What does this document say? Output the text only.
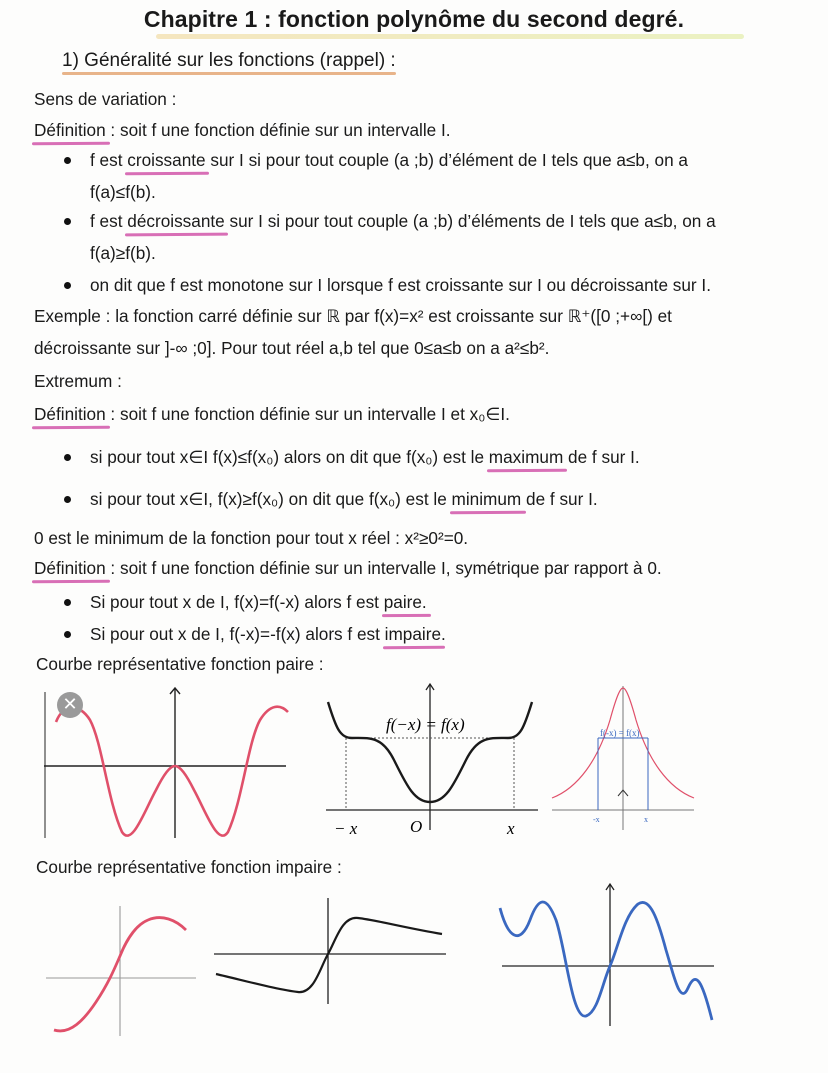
Chapitre 1 : fonction polynôme du second degré.
1) Généralité sur les fonctions (rappel) :
Sens de variation :
Définition : soit f une fonction définie sur un intervalle I.
f est croissante sur I si pour tout couple (a ;b) d’élément de I tels que a≤b, on a
f(a)≤f(b).
f est décroissante sur I si pour tout couple (a ;b) d’éléments de I tels que a≤b, on a
f(a)≥f(b).
on dit que f est monotone sur I lorsque f est croissante sur I ou décroissante sur I.
Exemple : la fonction carré définie sur ℝ par f(x)=x² est croissante sur ℝ⁺([0 ;+∞[) et
décroissante sur ]-∞ ;0]. Pour tout réel a,b tel que 0≤a≤b on a a²≤b².
Extremum :
Définition : soit f une fonction définie sur un intervalle I et x₀∈I.
si pour tout x∈I f(x)≤f(x₀) alors on dit que f(x₀) est le maximum de f sur I.
si pour tout x∈I, f(x)≥f(x₀) on dit que f(x₀) est le minimum de f sur I.
0 est le minimum de la fonction pour tout x réel : x²≥0²=0.
Définition : soit f une fonction définie sur un intervalle I, symétrique par rapport à 0.
Si pour tout x de I, f(x)=f(-x) alors f est paire.
Si pour out x de I, f(-x)=-f(x) alors f est impaire.
Courbe représentative fonction paire :
✕
f(−x) = f(x)
− x	O	x
f(-x) = f(x)
-x	x
Courbe représentative fonction impaire :
